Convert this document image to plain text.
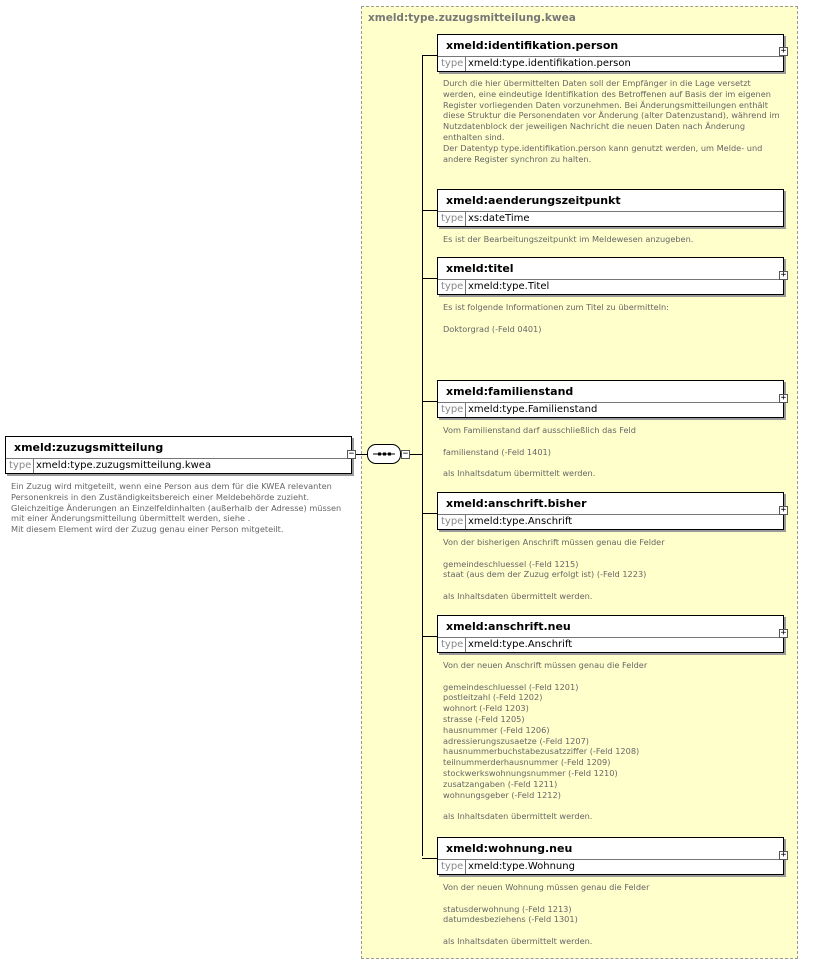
xmeld:type.zuzugsmitteilung.kwea
xmeld:zuzugsmitteilung
type xmeld:type.zuzugsmitteilung.kwea
−
Ein Zuzug wird mitgeteilt, wenn eine Person aus dem für die KWEA relevanten
Personenkreis in den Zuständigkeitsbereich einer Meldebehörde zuzieht.
Gleichzeitige Änderungen an Einzelfeldinhalten (außerhalb der Adresse) müssen
mit einer Änderungsmitteilung übermittelt werden, siehe .
Mit diesem Element wird der Zuzug genau einer Person mitgeteilt.
−
xmeld:identifikation.person
type xmeld:type.identifikation.person
+
Durch die hier übermittelten Daten soll der Empfänger in die Lage versetzt
werden, eine eindeutige Identifikation des Betroffenen auf Basis der im eigenen
Register vorliegenden Daten vorzunehmen. Bei Änderungsmitteilungen enthält
diese Struktur die Personendaten vor Änderung (alter Datenzustand), während im
Nutzdatenblock der jeweiligen Nachricht die neuen Daten nach Änderung
enthalten sind.
Der Datentyp type.identifikation.person kann genutzt werden, um Melde- und
andere Register synchron zu halten.
xmeld:aenderungszeitpunkt
type xs:dateTime
Es ist der Bearbeitungszeitpunkt im Meldewesen anzugeben.
xmeld:titel
type xmeld:type.Titel
+
Es ist folgende Informationen zum Titel zu übermitteln:

Doktorgrad (-Feld 0401)
xmeld:familienstand
type xmeld:type.Familienstand
+
Vom Familienstand darf ausschließlich das Feld

familienstand (-Feld 1401)

als Inhaltsdatum übermittelt werden.
xmeld:anschrift.bisher
type xmeld:type.Anschrift
+
Von der bisherigen Anschrift müssen genau die Felder

gemeindeschluessel (-Feld 1215)
staat (aus dem der Zuzug erfolgt ist) (-Feld 1223)

als Inhaltsdaten übermittelt werden.
xmeld:anschrift.neu
type xmeld:type.Anschrift
+
Von der neuen Anschrift müssen genau die Felder

gemeindeschluessel (-Feld 1201)
postleitzahl (-Feld 1202)
wohnort (-Feld 1203)
strasse (-Feld 1205)
hausnummer (-Feld 1206)
adressierungszusaetze (-Feld 1207)
hausnummerbuchstabezusatzziffer (-Feld 1208)
teilnummerderhausnummer (-Feld 1209)
stockwerkswohnungsnummer (-Feld 1210)
zusatzangaben (-Feld 1211)
wohnungsgeber (-Feld 1212)

als Inhaltsdaten übermittelt werden.
xmeld:wohnung.neu
type xmeld:type.Wohnung
+
Von der neuen Wohnung müssen genau die Felder

statusderwohnung (-Feld 1213)
datumdesbeziehens (-Feld 1301)

als Inhaltsdaten übermittelt werden.
